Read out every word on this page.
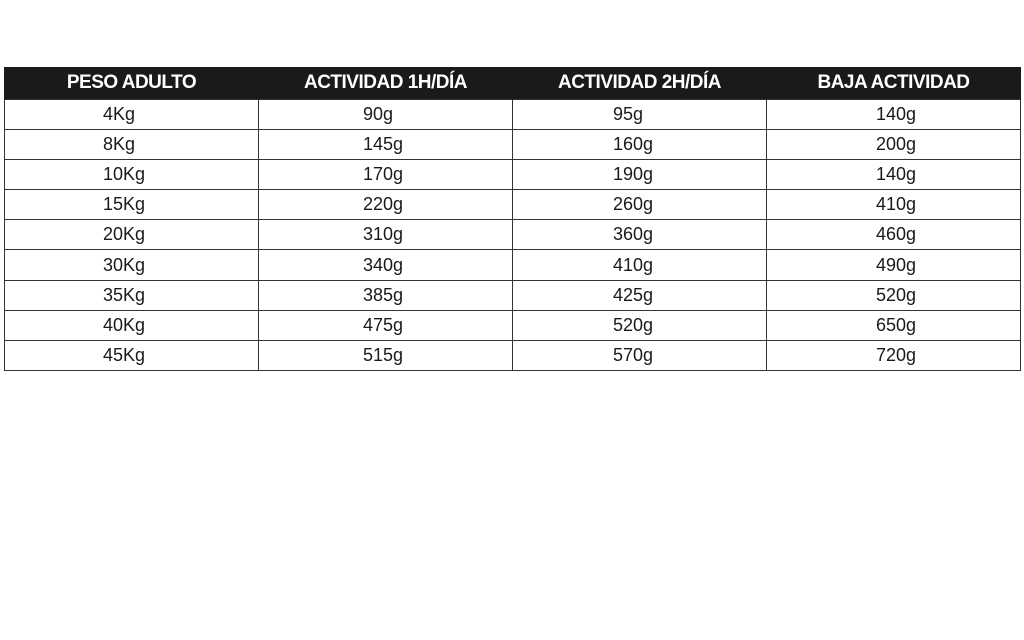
PESO ADULTO	ACTIVIDAD 1H/DÍA	ACTIVIDAD 2H/DÍA	BAJA ACTIVIDAD
4Kg	90g	95g	140g
8Kg	145g	160g	200g
10Kg	170g	190g	140g
15Kg	220g	260g	410g
20Kg	310g	360g	460g
30Kg	340g	410g	490g
35Kg	385g	425g	520g
40Kg	475g	520g	650g
45Kg	515g	570g	720g
